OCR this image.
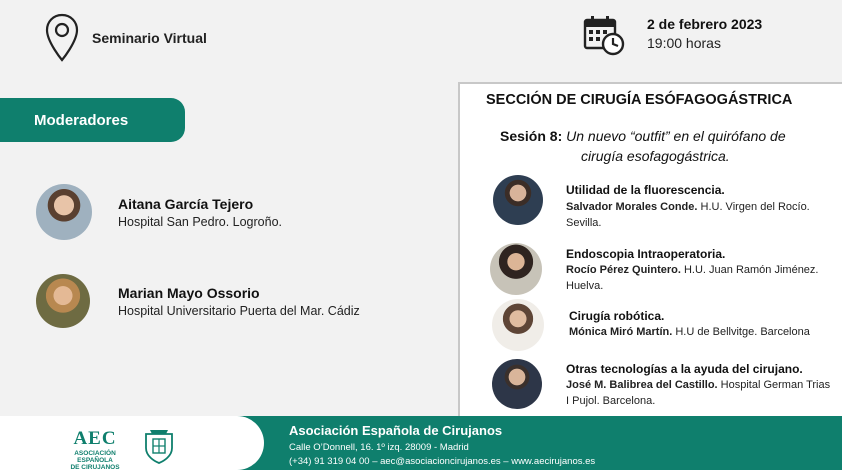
Seminario Virtual
2 de febrero 2023
19:00 horas
Moderadores
Aitana García Tejero
Hospital San Pedro. Logroño.
Marian Mayo Ossorio
Hospital Universitario Puerta del Mar. Cádiz
SECCIÓN DE CIRUGÍA ESÓFAGOGÁSTRICA
Sesión 8: Un nuevo “outfit” en el quirófano de
cirugía esofagogástrica.
Utilidad de la fluorescencia.
Salvador Morales Conde. H.U. Virgen del Rocío. Sevilla.
Endoscopia Intraoperatoria.
Rocío Pérez Quintero. H.U. Juan Ramón Jiménez. Huelva.
Cirugía robótica.
Mónica Miró Martín. H.U de Bellvitge. Barcelona
Otras tecnologías a la ayuda del cirujano.
José M. Balibrea del Castillo. Hospital German Trias I Pujol. Barcelona.
AEC
ASOCIACIÓN ESPAÑOLA
DE CIRUJANOS
Asociación Española de Cirujanos
Calle O’Donnell, 16. 1º izq. 28009 - Madrid
(+34) 91 319 04 00 – aec@asociacioncirujanos.es – www.aecirujanos.es
